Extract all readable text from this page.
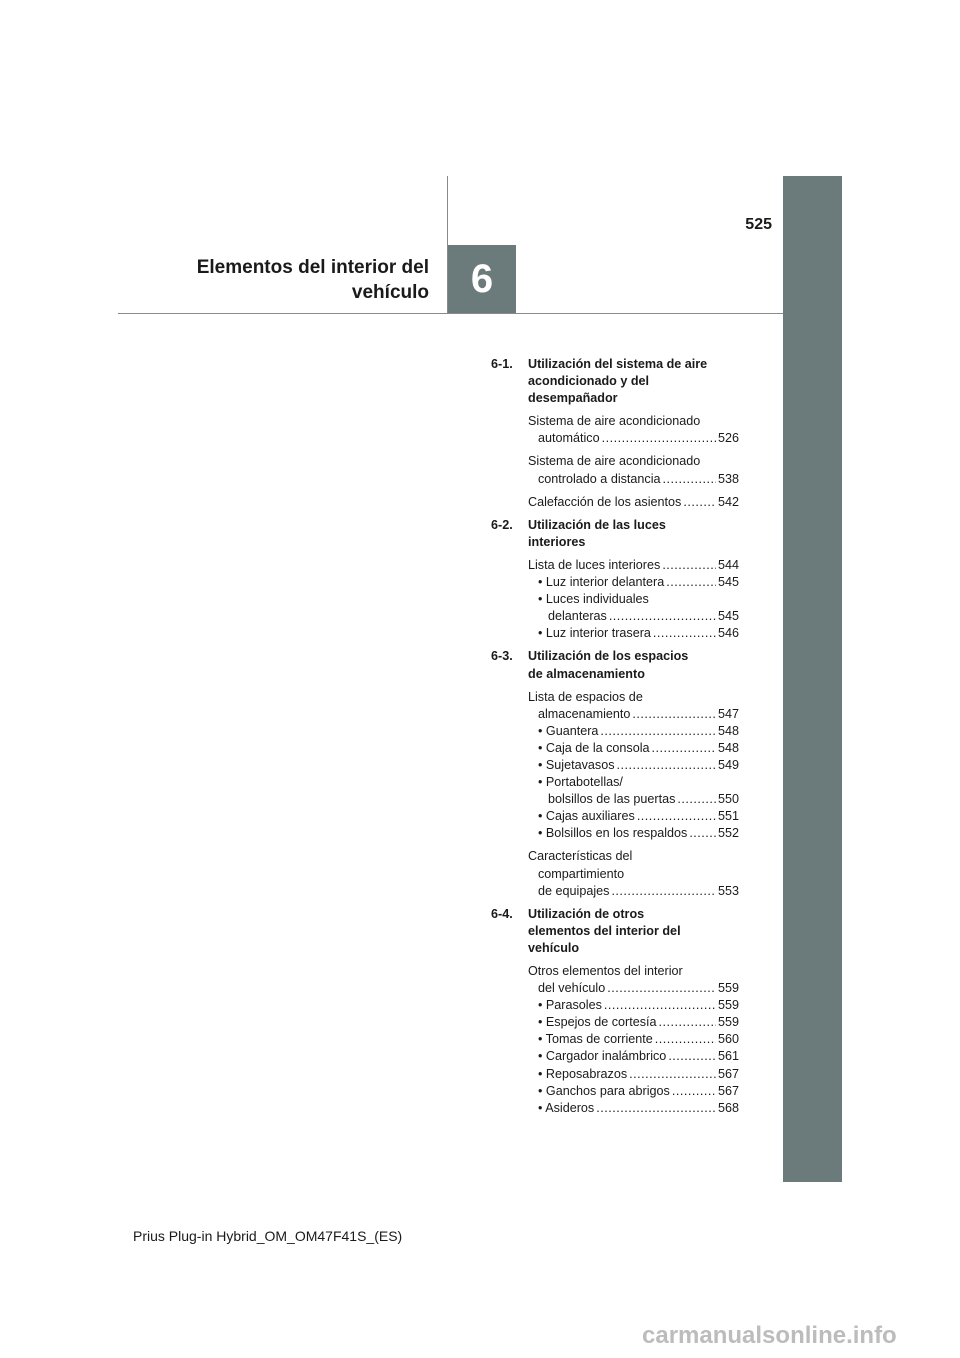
6
525
Elementos del interior del
vehículo
6-1.	Utilización del sistema de aire
acondicionado y del
desempañador
Sistema de aire acondicionado
automático .....	526
Sistema de aire acondicionado
controlado a distancia .....	538
Calefacción de los asientos .....	542
6-2.	Utilización de las luces
interiores
Lista de luces interiores .....	544
• Luz interior delantera .....	545
• Luces individuales
delanteras .....	545
• Luz interior trasera .....	546
6-3.	Utilización de los espacios
de almacenamiento
Lista de espacios de
almacenamiento .....	547
• Guantera .....	548
• Caja de la consola .....	548
• Sujetavasos .....	549
• Portabotellas/
bolsillos de las puertas .....	550
• Cajas auxiliares .....	551
• Bolsillos en los respaldos ..... 552
Características del
compartimiento
de equipajes .....	553
6-4.	Utilización de otros
elementos del interior del
vehículo
Otros elementos del interior
del vehículo .....	559
• Parasoles .....	559
• Espejos de cortesía .....	559
• Tomas de corriente .....	560
• Cargador inalámbrico .....	561
• Reposabrazos .....	567
• Ganchos para abrigos .....	567
• Asideros .....	568
Prius Plug-in Hybrid_OM_OM47F41S_(ES)
carmanualsonline.info
